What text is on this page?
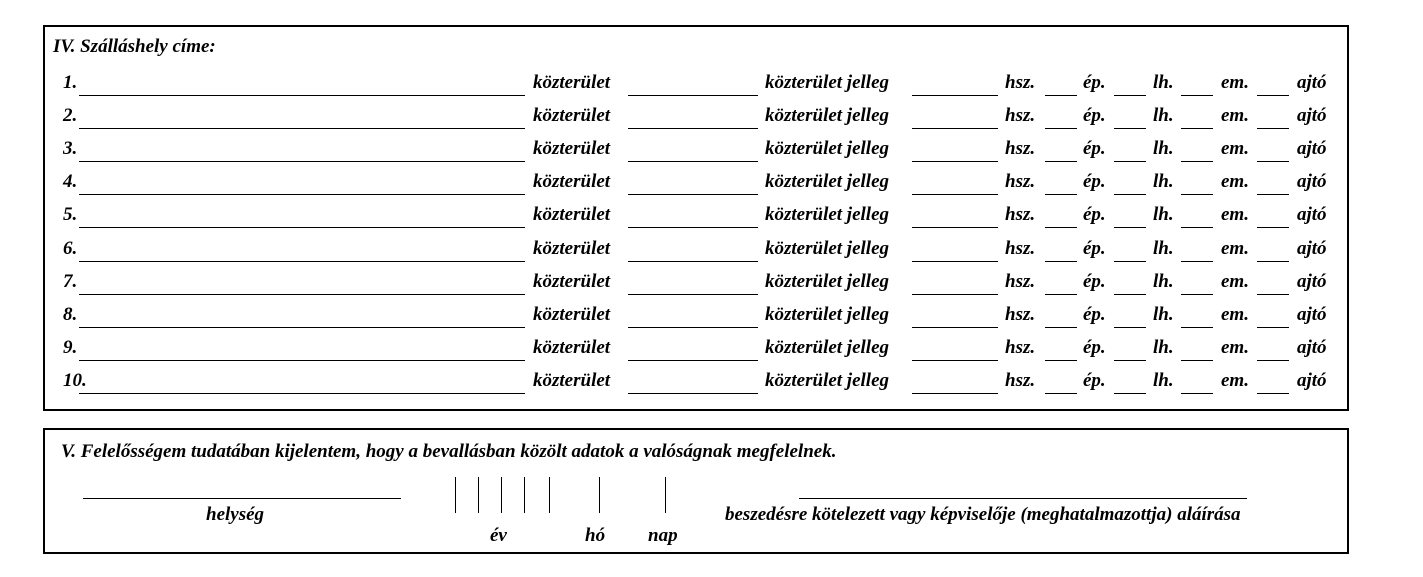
IV. Szálláshely címe:
1.	közterület	közterület jelleg	hsz.	ép. lh. em.	ajtó
2.	közterület	közterület jelleg	hsz.	ép. lh. em.	ajtó
3.	közterület	közterület jelleg	hsz.	ép. lh. em.	ajtó
4.	közterület	közterület jelleg	hsz.	ép. lh. em.	ajtó
5.	közterület	közterület jelleg	hsz.	ép. lh. em.	ajtó
6.	közterület	közterület jelleg	hsz.	ép. lh. em.	ajtó
7.	közterület	közterület jelleg	hsz.	ép. lh. em.	ajtó
8.	közterület	közterület jelleg	hsz.	ép. lh. em.	ajtó
9.	közterület	közterület jelleg	hsz.	ép. lh. em.	ajtó
10.	közterület	közterület jelleg	hsz.	ép. lh. em.	ajtó
V. Felelősségem tudatában kijelentem, hogy a bevallásban közölt adatok a valóságnak megfelelnek.
helység
év	hó nap
beszedésre kötelezett vagy képviselője (meghatalmazottja) aláírása
